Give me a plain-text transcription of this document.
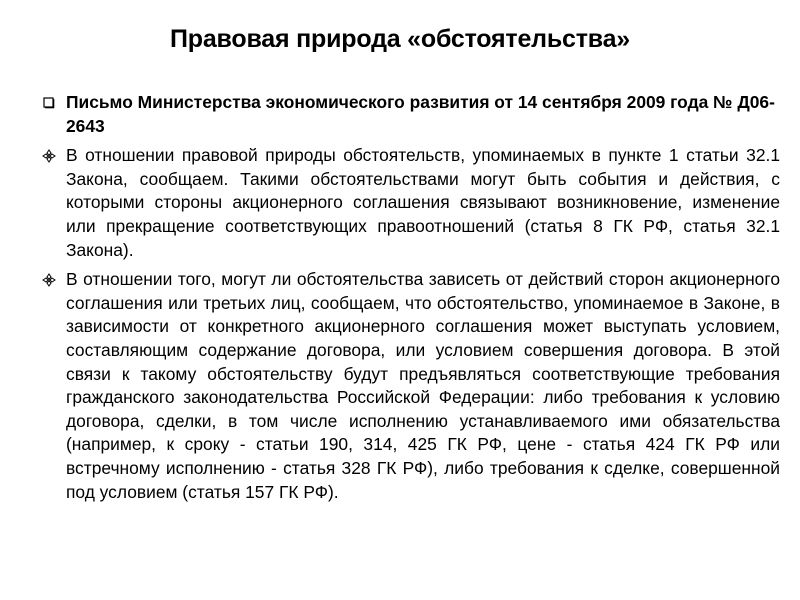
Правовая природа «обстоятельства»
Письмо Министерства экономического развития от 14 сентября 2009 года № Д06-2643
В отношении правовой природы обстоятельств, упоминаемых в пункте 1 статьи 32.1 Закона, сообщаем. Такими обстоятельствами могут быть события и действия, с которыми стороны акционерного соглашения связывают возникновение, изменение или прекращение соответствующих правоотношений (статья 8 ГК РФ, статья 32.1 Закона).
В отношении того, могут ли обстоятельства зависеть от действий сторон акционерного соглашения или третьих лиц, сообщаем, что обстоятельство, упоминаемое в Законе, в зависимости от конкретного акционерного соглашения может выступать условием, составляющим содержание договора, или условием совершения договора. В этой связи к такому обстоятельству будут предъявляться соответствующие требования гражданского законодательства Российской Федерации: либо требования к условию договора, сделки, в том числе исполнению устанавливаемого ими обязательства (например, к сроку - статьи 190, 314, 425 ГК РФ, цене - статья 424 ГК РФ или встречному исполнению - статья 328 ГК РФ), либо требования к сделке, совершенной под условием (статья 157 ГК РФ).
